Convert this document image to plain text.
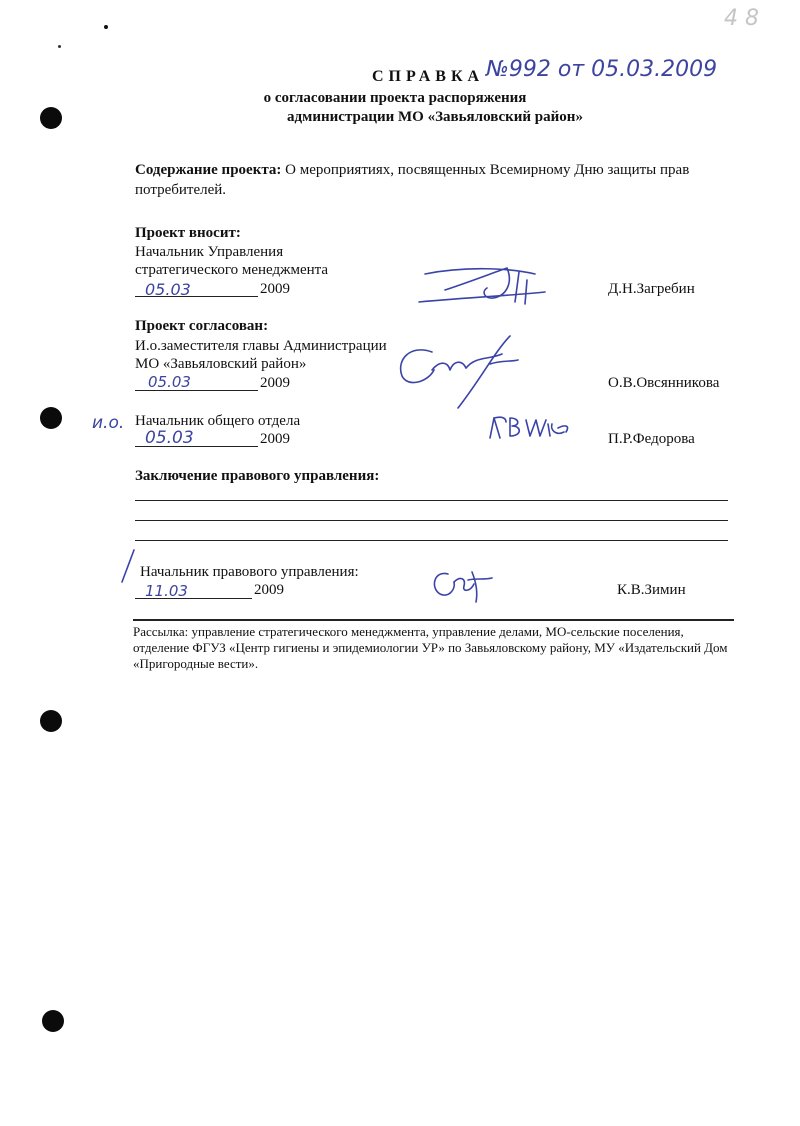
4 8
СПРАВКА №992 от 05.03.2009
о согласовании проекта распоряжения
администрации МО «Завьяловский район»
Содержание проекта: О мероприятиях, посвященных Всемирному Дню защиты прав
потребителей.
Проект вносит:
Начальник Управления
стратегического менеджмента
05.03	2009	Д.Н.Загребин
Проект согласован:
И.о.заместителя главы Администрации
МО «Завьяловский район»
05.03	2009	О.В.Овсянникова
и.о. Начальник общего отдела
05.03	2009	П.Р.Федорова
Заключение правового управления:
Начальник правового управления:
11.03	2009	К.В.Зимин
Рассылка: управление стратегического менеджмента, управление делами, МО-сельские поселения, отделение ФГУЗ «Центр гигиены и эпидемиологии УР» по Завьяловскому району, МУ «Издательский Дом «Пригородные вести».
